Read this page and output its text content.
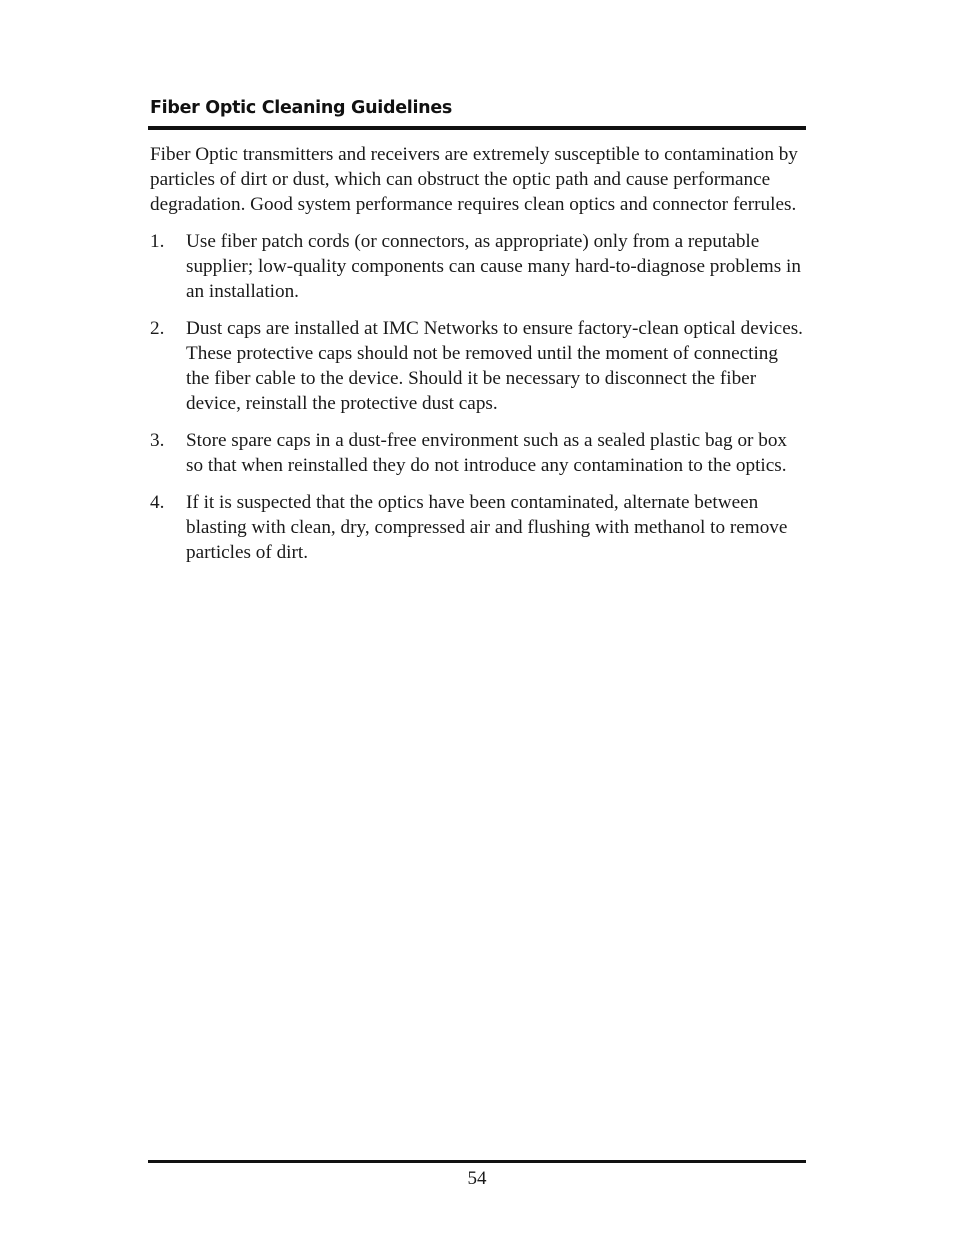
Fiber Optic Cleaning Guidelines

Fiber Optic transmitters and receivers are extremely susceptible to contamination by particles of dirt or dust, which can obstruct the optic path and cause performance degradation. Good system performance requires clean optics and connector ferrules.

1. Use fiber patch cords (or connectors, as appropriate) only from a reputable supplier; low-quality components can cause many hard-to-diagnose problems in an installation.
2. Dust caps are installed at IMC Networks to ensure factory-clean optical devices. These protective caps should not be removed until the moment of connecting the fiber cable to the device. Should it be necessary to disconnect the fiber device, reinstall the protective dust caps.
3. Store spare caps in a dust-free environment such as a sealed plastic bag or box so that when reinstalled they do not introduce any contamination to the optics.
4. If it is suspected that the optics have been contaminated, alternate between blasting with clean, dry, compressed air and flushing with methanol to remove particles of dirt.
54
